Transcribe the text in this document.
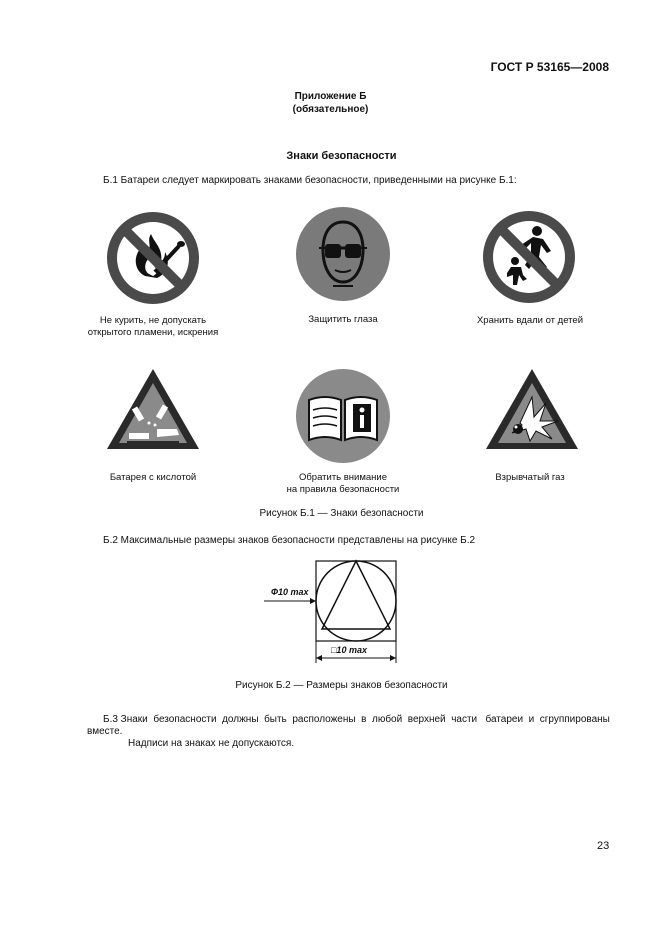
ГОСТ Р 53165—2008
Приложение Б
(обязательное)
Знаки безопасности
Б.1 Батареи следует маркировать знаками безопасности, приведенными на рисунке Б.1:
Не курить, не допускать
открытого пламени, искрения
Защитить глаза	Хранить вдали от детей
Батарея с кислотой	Обратить внимание
на правила безопасности
Взрывчатый газ
Рисунок Б.1 — Знаки безопасности
Б.2 Максимальные размеры знаков безопасности представлены на рисунке Б.2
Ф10 max
□10 max
Рисунок Б.2 — Размеры знаков безопасности
Б.3 Знаки  безопасности  должны  быть  расположены  в  любой  верхней  части   батареи  и  сгруппированы
вместе.
Надписи на знаках не допускаются.
23
